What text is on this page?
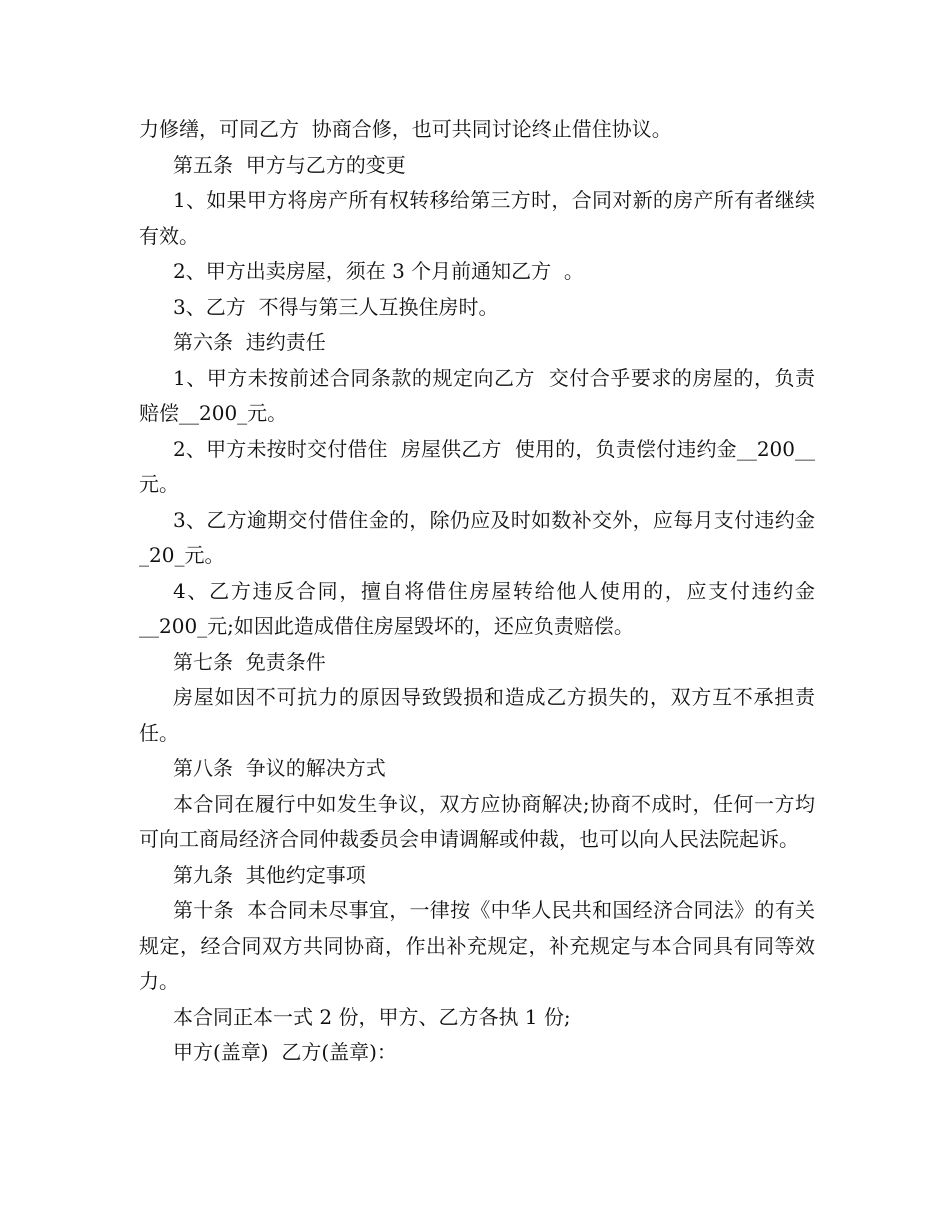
力修缮，可同乙方  协商合修，也可共同讨论终止借住协议。

第五条  甲方与乙方的变更

1、如果甲方将房产所有权转移给第三方时，合同对新的房产所有者继续有效。

2、甲方出卖房屋，须在 3 个月前通知乙方  。

3、乙方  不得与第三人互换住房时。

第六条  违约责任

1、甲方未按前述合同条款的规定向乙方  交付合乎要求的房屋的，负责赔偿__200_元。

2、甲方未按时交付借住  房屋供乙方  使用的，负责偿付违约金__200__元。

3、乙方逾期交付借住金的，除仍应及时如数补交外，应每月支付违约金_20_元。

4、乙方违反合同，擅自将借住房屋转给他人使用的，应支付违约金__200_元;如因此造成借住房屋毁坏的，还应负责赔偿。

第七条  免责条件

房屋如因不可抗力的原因导致毁损和造成乙方损失的，双方互不承担责任。

第八条  争议的解决方式

本合同在履行中如发生争议，双方应协商解决;协商不成时，任何一方均可向工商局经济合同仲裁委员会申请调解或仲裁，也可以向人民法院起诉。

第九条  其他约定事项

第十条  本合同未尽事宜，一律按《中华人民共和国经济合同法》的有关规定，经合同双方共同协商，作出补充规定，补充规定与本合同具有同等效力。

本合同正本一式 2 份，甲方、乙方各执 1 份;

甲方(盖章)  乙方(盖章)：
